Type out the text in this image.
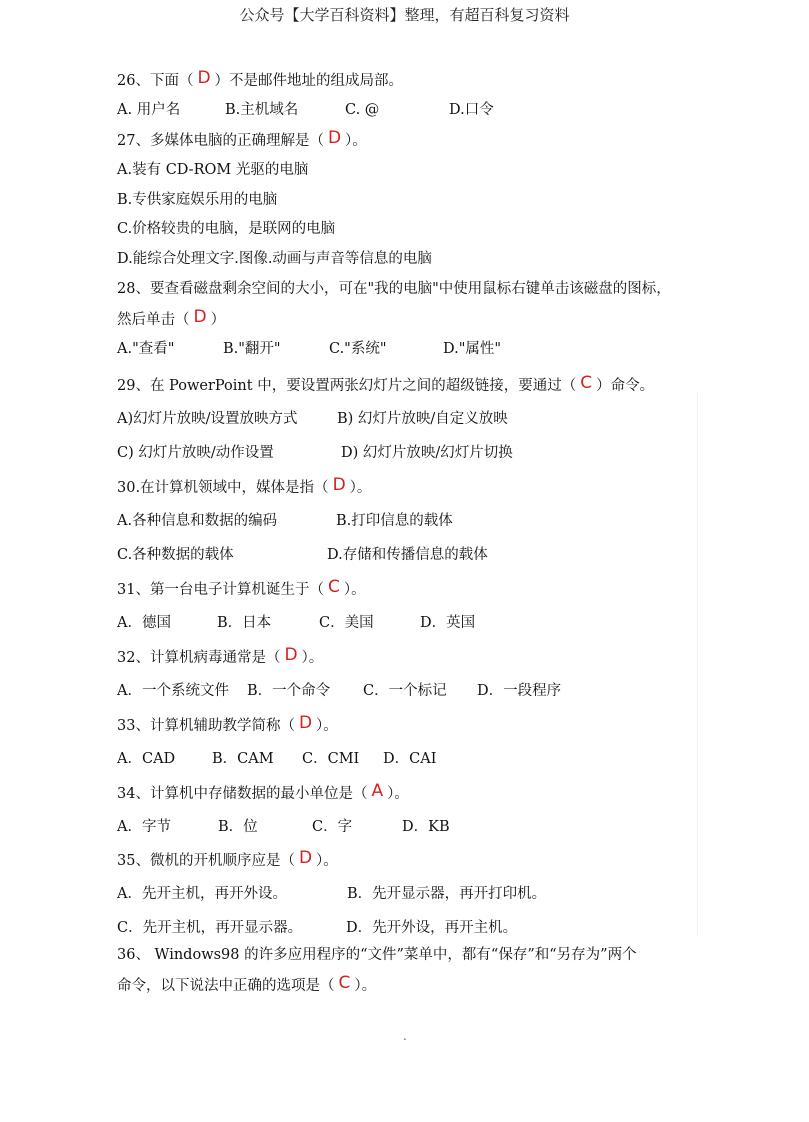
公众号【大学百科资料】整理，有超百科复习资料
26、下面（ D ）不是邮件地址的组成局部。
A. 用户名	B.主机域名	C. @	D.口令
27、多媒体电脑的正确理解是（ D ）。
A.装有 CD-ROM 光驱的电脑
B.专供家庭娱乐用的电脑
C.价格较贵的电脑，是联网的电脑
D.能综合处理文字.图像.动画与声音等信息的电脑
28、要查看磁盘剩余空间的大小，可在"我的电脑"中使用鼠标右键单击该磁盘的图标，
然后单击（ D ）
A."查看"	B."翻开"	C."系统"	D."属性"
29、在 PowerPoint 中，要设置两张幻灯片之间的超级链接，要通过（ C ）命令。
A)幻灯片放映/设置放映方式	B) 幻灯片放映/自定义放映
C) 幻灯片放映/动作设置	D) 幻灯片放映/幻灯片切换
30.在计算机领域中，媒体是指（ D ）。
A.各种信息和数据的编码	B.打印信息的载体
C.各种数据的载体	D.存储和传播信息的载体
31、第一台电子计算机诞生于（ C ）。
A．德国	B．日本	C．美国	D．英国
32、计算机病毒通常是（ D ）。
A．一个系统文件 B．一个命令 C．一个标记 D．一段程序
33、计算机辅助教学简称（ D ）。
A．CAD	B．CAM C．CMI D．CAI
34、计算机中存储数据的最小单位是（ A ）。
A．字节	B．位	C．字	D．KB
35、微机的开机顺序应是（ D ）。
A．先开主机，再开外设。	B．先开显示器，再开打印机。
C．先开主机，再开显示器。	D．先开外设，再开主机。
36、 Windows98 的许多应用程序的“文件”菜单中，都有“保存”和“另存为”两个
命令，以下说法中正确的选项是（ C ）。
.
